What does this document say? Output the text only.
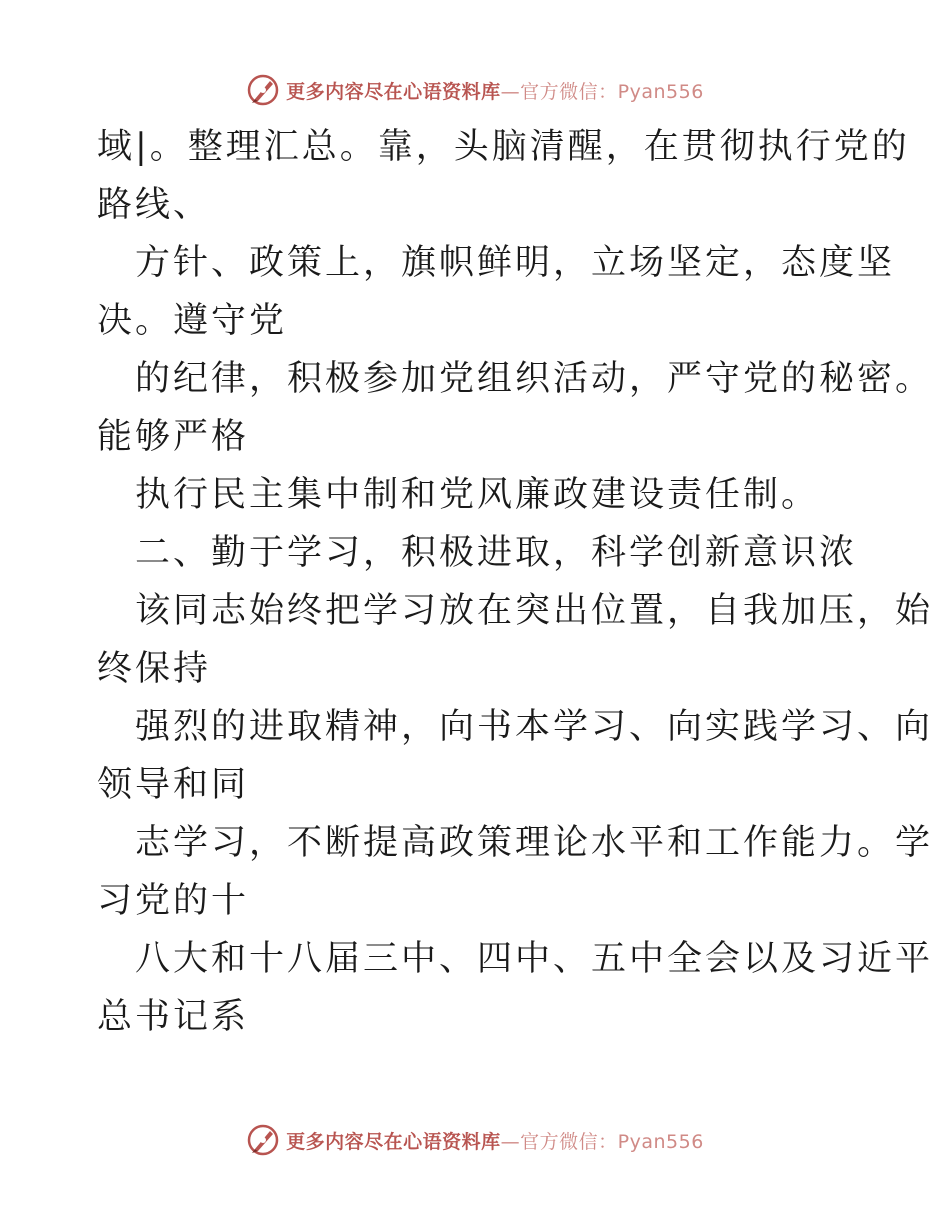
更多内容尽在心语资料库—官方微信：Pyan556
域|。整理汇总。靠，头脑清醒，在贯彻执行党的
路线、
方针、政策上，旗帜鲜明，立场坚定，态度坚
决。遵守党
的纪律，积极参加党组织活动，严守党的秘密。
能够严格
执行民主集中制和党风廉政建设责任制。
二、勤于学习，积极进取，科学创新意识浓
该同志始终把学习放在突出位置，自我加压，始
终保持
强烈的进取精神，向书本学习、向实践学习、向
领导和同
志学习，不断提高政策理论水平和工作能力。学
习党的十
八大和十八届三中、四中、五中全会以及习近平
总书记系
更多内容尽在心语资料库—官方微信：Pyan556
